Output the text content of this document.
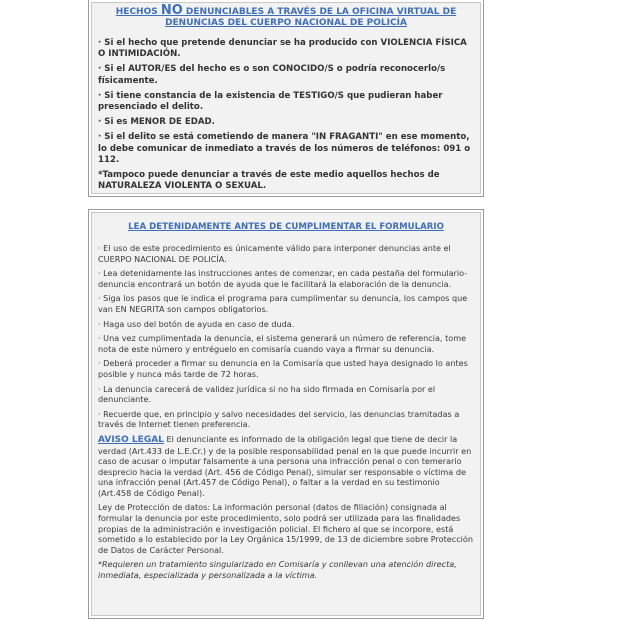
HECHOS NO DENUNCIABLES A TRAVÉS DE LA OFICINA VIRTUAL DE DENUNCIAS DEL CUERPO NACIONAL DE POLICÍA
· Si el hecho que pretende denunciar se ha producido con VIOLENCIA FÍSICA O INTIMIDACIÓN.
· Si el AUTOR/ES del hecho es o son CONOCIDO/S o podría reconocerlo/s físicamente.
· Si tiene constancia de la existencia de TESTIGO/S que pudieran haber presenciado el delito.
· Si es MENOR DE EDAD.
· Si el delito se está cometiendo de manera "IN FRAGANTI" en ese momento, lo debe comunicar de inmediato a través de los números de teléfonos: 091 o 112.
*Tampoco puede denunciar a través de este medio aquellos hechos de NATURALEZA VIOLENTA O SEXUAL.
LEA DETENIDAMENTE ANTES DE CUMPLIMENTAR EL FORMULARIO
· El uso de este procedimiento es únicamente válido para interponer denuncias ante el CUERPO NACIONAL DE POLICÍA.
· Lea detenidamente las instrucciones antes de comenzar, en cada pestaña del formulario-denuncia encontrará un botón de ayuda que le facilitará la elaboración de la denuncia.
· Siga los pasos que le indica el programa para cumplimentar su denuncia, los campos que van EN NEGRITA son campos obligatorios.
· Haga uso del botón de ayuda en caso de duda.
· Una vez cumplimentada la denuncia, el sistema generará un número de referencia, tome nota de este número y entréguelo en comisaría cuando vaya a firmar su denuncia.
· Deberá proceder a firmar su denuncia en la Comisaría que usted haya designado lo antes posible y nunca más tarde de 72 horas.
· La denuncia carecerá de validez jurídica si no ha sido firmada en Comisaría por el denunciante.
· Recuerde que, en principio y salvo necesidades del servicio, las denuncias tramitadas a través de Internet tienen preferencia.
AVISO LEGAL El denunciante es informado de la obligación legal que tiene de decir la verdad (Art.433 de L.E.Cr.) y de la posible responsabilidad penal en la que puede incurrir en caso de acusar o imputar falsamente a una persona una infracción penal o con temerario desprecio hacia la verdad (Art. 456 de Código Penal), simular ser responsable o víctima de una infracción penal (Art.457 de Código Penal), o faltar a la verdad en su testimonio (Art.458 de Código Penal).
Ley de Protección de datos: La información personal (datos de filiación) consignada al formular la denuncia por este procedimiento, solo podrá ser utilizada para las finalidades propias de la administración e investigación policial. El fichero al que se incorpore, está sometido a lo establecido por la Ley Orgánica 15/1999, de 13 de diciembre sobre Protección de Datos de Carácter Personal.
*Requieren un tratamiento singularizado en Comisaría y conllevan una atención directa, inmediata, especializada y personalizada a la víctima.
